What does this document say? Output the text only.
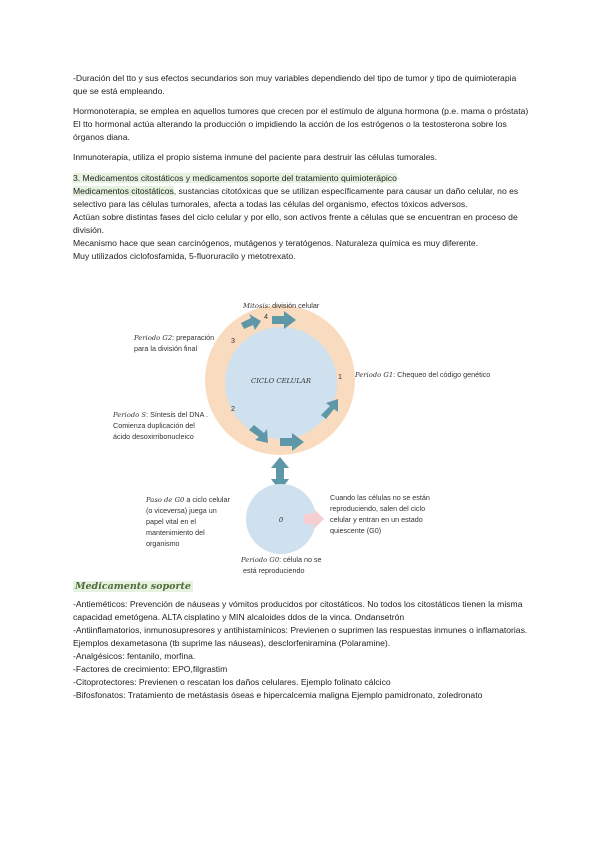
-Duración del tto y sus efectos secundarios son muy variables dependiendo del tipo de tumor y tipo de quimioterapia que se está empleando.

Hormonoterapia, se emplea en aquellos tumores que crecen por el estímulo de alguna hormona (p.e. mama o próstata) El tto hormonal actúa alterando la producción o impidiendo la acción de los estrógenos o la testosterona sobre los órganos diana.

Inmunoterapia, utiliza el propio sistema inmune del paciente para destruir las células tumorales.

3. Medicamentos citostáticos y medicamentos soporte del tratamiento quimioterápico

Medicamentos citostáticos, sustancias citotóxicas que se utilizan específicamente para causar un daño celular, no es selectivo para las células tumorales, afecta a todas las células del organismo, efectos tóxicos adversos.

Actúan sobre distintas fases del ciclo celular y por ello, son activos frente a células que se encuentran en proceso de división.

Mecanismo hace que sean carcinógenos, mutágenos y teratógenos. Naturaleza química es muy diferente.

Muy utilizados ciclofosfamida, 5-fluoruracilo y metotrexato.

4
3
1
2
CICLO CELULAR
Mitosis: división celular
Periodo G2: preparación
para la división final
Periodo G1: Chequeo del código genético
Periodo S: Síntesis del DNA .
Comienza duplicación del
ácido desoxirribonucleico
0
Paso de G0 a ciclo celular
(o viceversa) juega un
papel vital en el
mantenimiento del
organismo
Cuando las células no se están
reproduciendo, salen del ciclo
celular y entran en un estado
quiescente (G0)
Periodo G0: célula no se
está reproduciendo
Medicamento soporte

-Antieméticos: Prevención de náuseas y vómitos producidos por citostáticos. No todos los citostáticos tienen la misma capacidad emetógena. ALTA cisplatino y MIN alcaloides ddos de la vinca. Ondansetrón

-Antiinflamatorios, inmunosupresores y antihistamínicos: Previenen o suprimen las respuestas inmunes o inflamatorias. Ejemplos dexametasona (tb suprime las náuseas), desclorfeniramina (Polaramine).

-Analgésicos: fentanilo, morfina.

-Factores de crecimiento: EPO,filgrastim

-Citoprotectores: Previenen o rescatan los daños celulares. Ejemplo folinato cálcico

-Bifosfonatos: Tratamiento de metástasis óseas e hipercalcemia maligna Ejemplo pamidronato, zoledronato
